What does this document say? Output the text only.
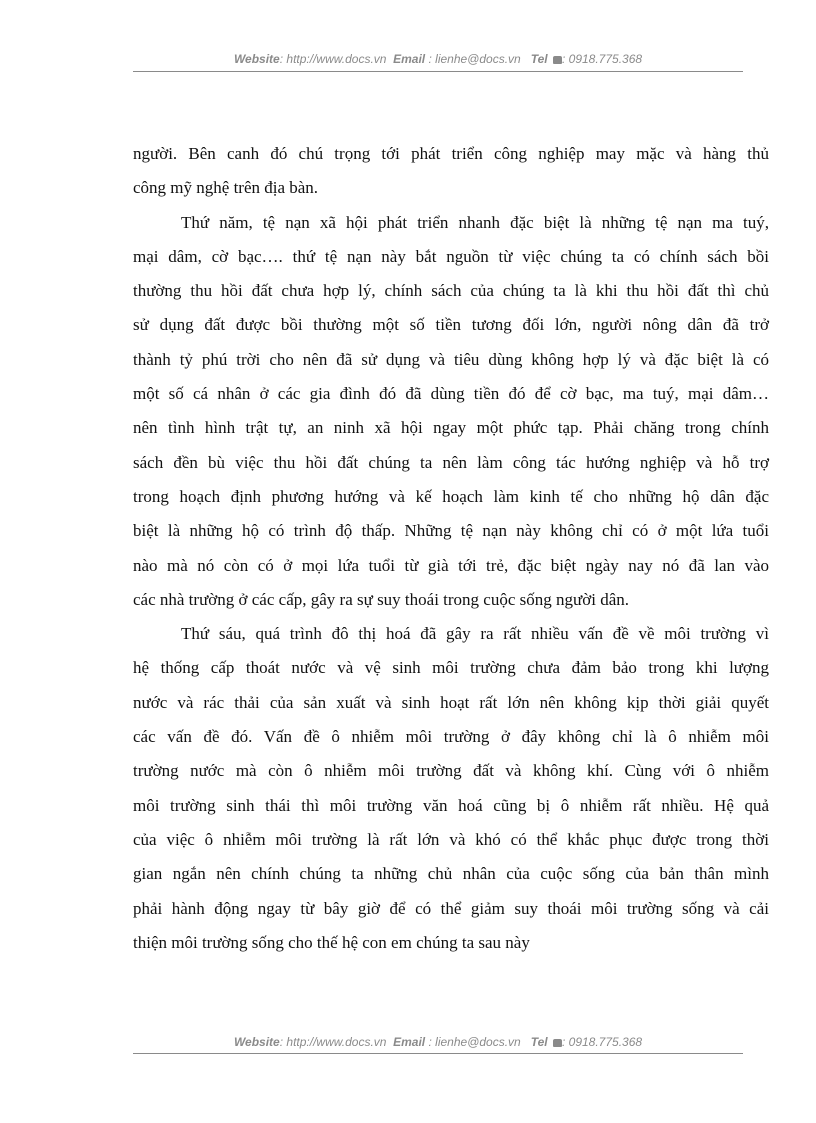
Website: http://www.docs.vn Email : lienhe@docs.vn Tel : 0918.775.368

người. Bên canh đó chú trọng tới phát triển công nghiệp may mặc và hàng thủ
công mỹ nghệ trên địa bàn.

Thứ năm, tệ nạn xã hội phát triển nhanh đặc biệt là những tệ nạn ma tuý,
mại dâm, cờ bạc…. thứ tệ nạn này bắt nguồn từ việc chúng ta có chính sách bồi
thường thu hồi đất chưa hợp lý, chính sách của chúng ta là khi thu hồi đất thì chủ
sử dụng đất được bồi thường một số tiền tương đối lớn, người nông dân đã trở
thành tỷ phú trời cho nên đã sử dụng và tiêu dùng không hợp lý và đặc biệt là có
một số cá nhân ở các gia đình đó đã dùng tiền đó để cờ bạc, ma tuý, mại dâm…
nên tình hình trật tự, an ninh xã hội ngay một phức tạp. Phải chăng trong chính
sách đền bù việc thu hồi đất chúng ta nên làm công tác hướng nghiệp và hỗ trợ
trong hoạch định phương hướng và kế hoạch làm kinh tế cho những hộ dân đặc
biệt là những hộ có trình độ thấp. Những tệ nạn này không chỉ có ở một lứa tuổi
nào mà nó còn có ở mọi lứa tuổi từ già tới trẻ, đặc biệt ngày nay nó đã lan vào
các nhà trường ở các cấp, gây ra sự suy thoái trong cuộc sống người dân.

Thứ sáu, quá trình đô thị hoá đã gây ra rất nhiều vấn đề về môi trường vì
hệ thống cấp thoát nước và vệ sinh môi trường chưa đảm bảo trong khi lượng
nước và rác thải của sản xuất và sinh hoạt rất lớn nên không kịp thời giải quyết
các vấn đề đó. Vấn đề ô nhiễm môi trường ở đây không chỉ là ô nhiễm môi
trường nước mà còn ô nhiễm môi trường đất và không khí. Cùng với ô nhiễm
môi trường sinh thái thì môi trường văn hoá cũng bị ô nhiễm rất nhiều. Hệ quả
của việc ô nhiễm môi trường là rất lớn và khó có thể khắc phục được trong thời
gian ngắn nên chính chúng ta những chủ nhân của cuộc sống của bản thân mình
phải hành động ngay từ bây giờ để có thể giảm suy thoái môi trường sống và cải
thiện môi trường sống cho thế hệ con em chúng ta sau này

Website: http://www.docs.vn Email : lienhe@docs.vn Tel : 0918.775.368
